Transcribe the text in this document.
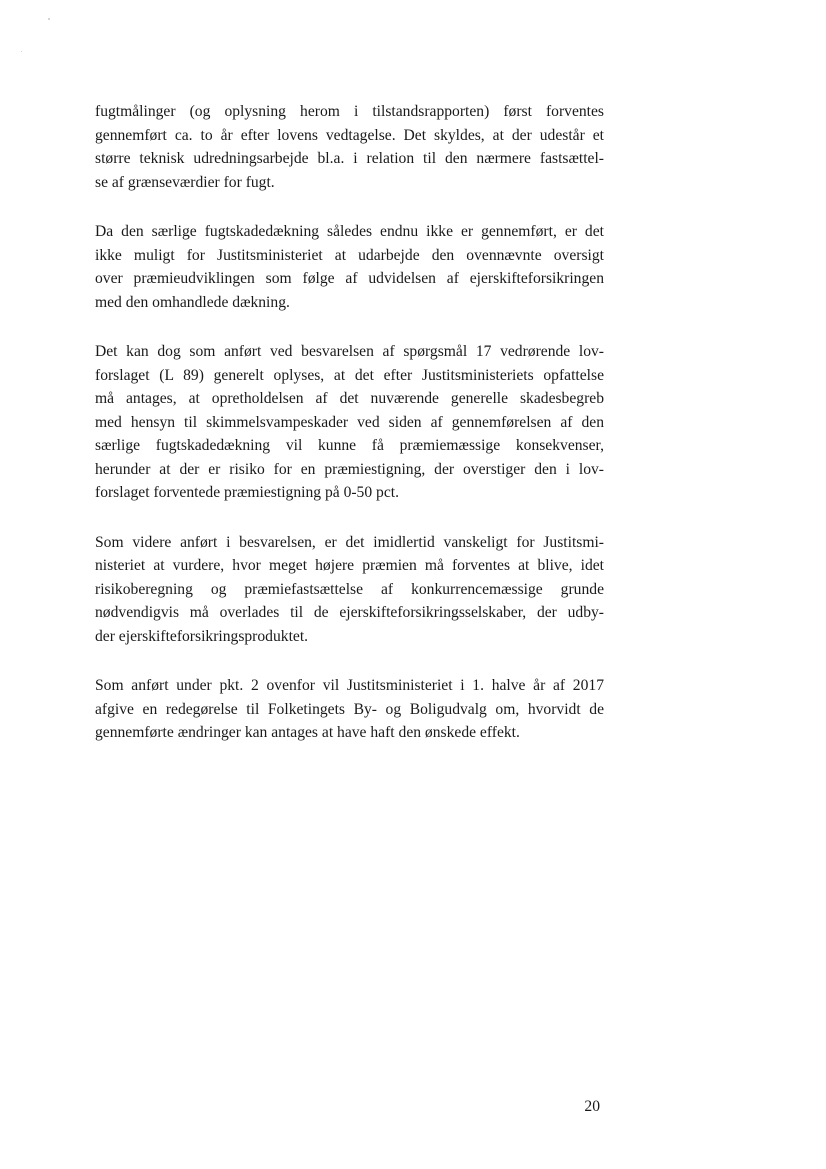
fugtmålinger (og oplysning herom i tilstandsrapporten) først forventes
gennemført ca. to år efter lovens vedtagelse. Det skyldes, at der udestår et
større teknisk udredningsarbejde bl.a. i relation til den nærmere fastsættel-
se af grænseværdier for fugt.

Da den særlige fugtskadedækning således endnu ikke er gennemført, er det
ikke muligt for Justitsministeriet at udarbejde den ovennævnte oversigt
over præmieudviklingen som følge af udvidelsen af ejerskifteforsikringen
med den omhandlede dækning.

Det kan dog som anført ved besvarelsen af spørgsmål 17 vedrørende lov-
forslaget (L 89) generelt oplyses, at det efter Justitsministeriets opfattelse
må antages, at opretholdelsen af det nuværende generelle skadesbegreb
med hensyn til skimmelsvampeskader ved siden af gennemførelsen af den
særlige fugtskadedækning vil kunne få præmiemæssige konsekvenser,
herunder at der er risiko for en præmiestigning, der overstiger den i lov-
forslaget forventede præmiestigning på 0-50 pct.

Som videre anført i besvarelsen, er det imidlertid vanskeligt for Justitsmi-
nisteriet at vurdere, hvor meget højere præmien må forventes at blive, idet
risikoberegning og præmiefastsættelse af konkurrencemæssige grunde
nødvendigvis må overlades til de ejerskifteforsikringsselskaber, der udby-
der ejerskifteforsikringsproduktet.

Som anført under pkt. 2 ovenfor vil Justitsministeriet i 1. halve år af 2017
afgive en redegørelse til Folketingets By- og Boligudvalg om, hvorvidt de
gennemførte ændringer kan antages at have haft den ønskede effekt.

20
